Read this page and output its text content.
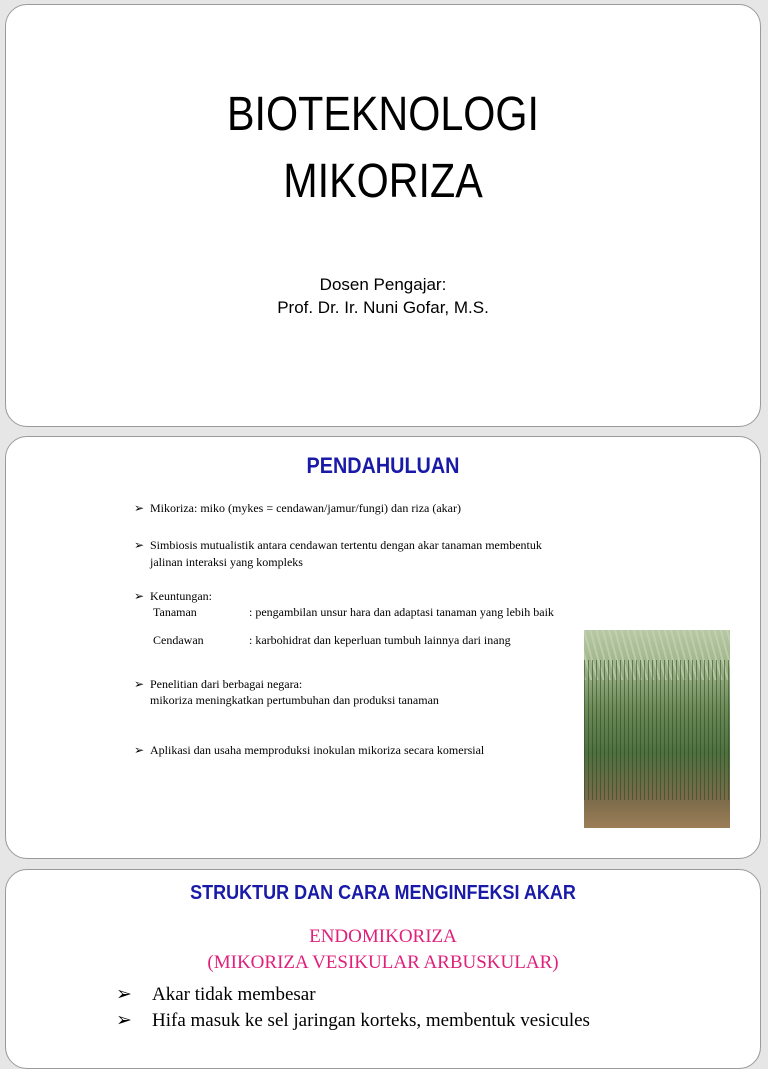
BIOTEKNOLOGI
MIKORIZA
Dosen Pengajar:
Prof. Dr. Ir. Nuni Gofar, M.S.
PENDAHULUAN
➢ Mikoriza: miko (mykes = cendawan/jamur/fungi) dan riza (akar)
➢ Simbiosis mutualistik antara cendawan tertentu dengan akar tanaman membentuk
jalinan interaksi yang kompleks
➢ Keuntungan:
Tanaman	: pengambilan unsur hara dan adaptasi tanaman yang lebih baik
Cendawan	: karbohidrat dan keperluan tumbuh lainnya dari inang
➢ Penelitian dari berbagai negara:
mikoriza meningkatkan pertumbuhan dan produksi tanaman
➢ Aplikasi dan usaha memproduksi inokulan mikoriza secara komersial
STRUKTUR DAN CARA MENGINFEKSI AKAR
ENDOMIKORIZA
(MIKORIZA VESIKULAR ARBUSKULAR)
➢ Akar tidak membesar
➢ Hifa masuk ke sel jaringan korteks, membentuk vesicules
